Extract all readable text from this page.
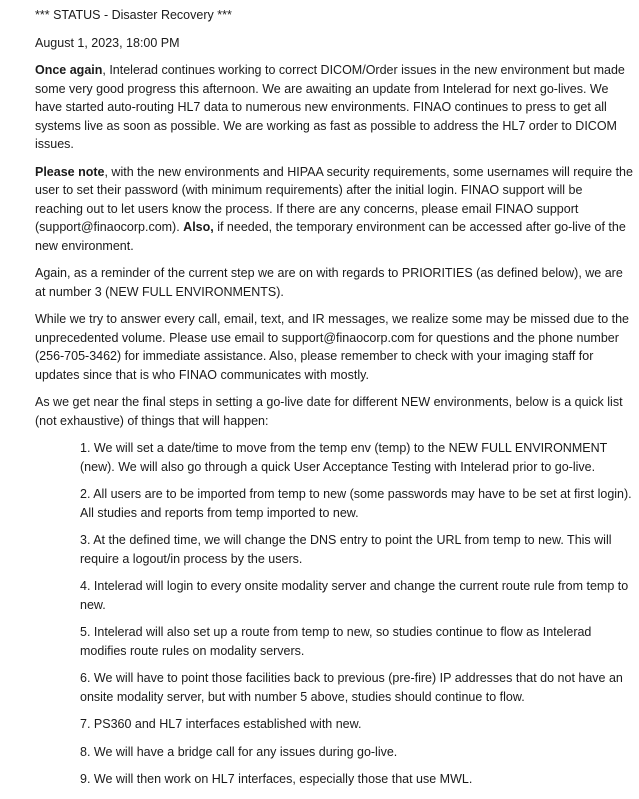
*** STATUS - Disaster Recovery ***

August 1, 2023, 18:00 PM

Once again, Intelerad continues working to correct DICOM/Order issues in the new environment but made some very good progress this afternoon. We are awaiting an update from Intelerad for next go-lives. We have started auto-routing HL7 data to numerous new environments. FINAO continues to press to get all systems live as soon as possible. We are working as fast as possible to address the HL7 order to DICOM issues.

Please note, with the new environments and HIPAA security requirements, some usernames will require the user to set their password (with minimum requirements) after the initial login. FINAO support will be reaching out to let users know the process. If there are any concerns, please email FINAO support (support@finaocorp.com). Also, if needed, the temporary environment can be accessed after go-live of the new environment.

Again, as a reminder of the current step we are on with regards to PRIORITIES (as defined below), we are at number 3 (NEW FULL ENVIRONMENTS).

While we try to answer every call, email, text, and IR messages, we realize some may be missed due to the unprecedented volume. Please use email to support@finaocorp.com for questions and the phone number (256-705-3462) for immediate assistance. Also, please remember to check with your imaging staff for updates since that is who FINAO communicates with mostly.

As we get near the final steps in setting a go-live date for different NEW environments, below is a quick list (not exhaustive) of things that will happen:

1. We will set a date/time to move from the temp env (temp) to the NEW FULL ENVIRONMENT (new). We will also go through a quick User Acceptance Testing with Intelerad prior to go-live.

2. All users are to be imported from temp to new (some passwords may have to be set at first login). All studies and reports from temp imported to new.

3. At the defined time, we will change the DNS entry to point the URL from temp to new. This will require a logout/in process by the users.

4. Intelerad will login to every onsite modality server and change the current route rule from temp to new.

5. Intelerad will also set up a route from temp to new, so studies continue to flow as Intelerad modifies route rules on modality servers.

6. We will have to point those facilities back to previous (pre-fire) IP addresses that do not have an onsite modality server, but with number 5 above, studies should continue to flow.

7. PS360 and HL7 interfaces established with new.

8. We will have a bridge call for any issues during go-live.

9. We will then work on HL7 interfaces, especially those that use MWL.
